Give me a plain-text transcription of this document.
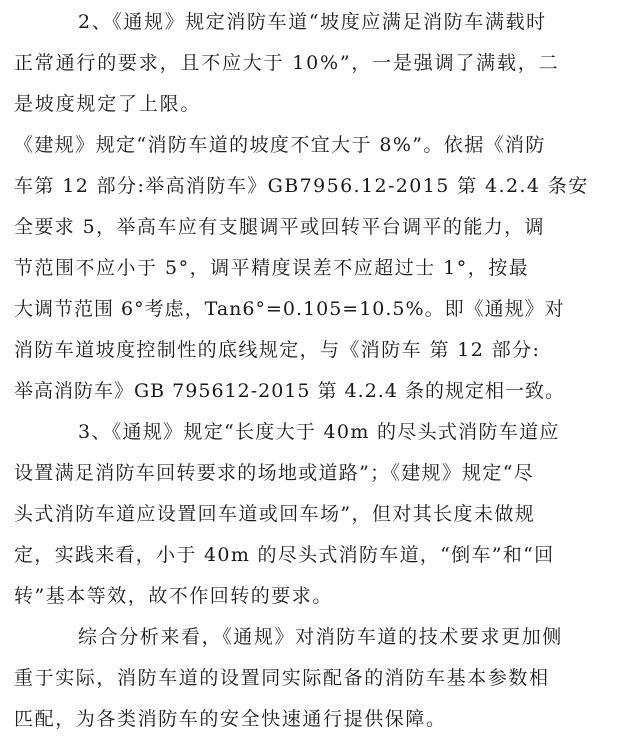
2、《通规》规定消防车道“坡度应满足消防车满载时
正常通行的要求，且不应大于 10%”，一是强调了满载，二
是坡度规定了上限。
《建规》规定“消防车道的坡度不宜大于 8%”。依据《消防
车第 12 部分:举高消防车》GB7956.12-2015 第 4.2.4 条安
全要求 5，举高车应有支腿调平或回转平台调平的能力，调
节范围不应小于 5°，调平精度误差不应超过士 1°，按最
大调节范围 6°考虑，Tan6°=0.105=10.5%。即《通规》对
消防车道坡度控制性的底线规定，与《消防车 第 12 部分:
举高消防车》GB 795612-2015 第 4.2.4 条的规定相一致。
3、《通规》规定“长度大于 40m 的尽头式消防车道应
设置满足消防车回转要求的场地或道路”；《建规》规定“尽
头式消防车道应设置回车道或回车场”，但对其长度未做规
定，实践来看，小于 40m 的尽头式消防车道，“倒车”和“回
转”基本等效，故不作回转的要求。
综合分析来看，《通规》对消防车道的技术要求更加侧
重于实际，消防车道的设置同实际配备的消防车基本参数相
匹配，为各类消防车的安全快速通行提供保障。
